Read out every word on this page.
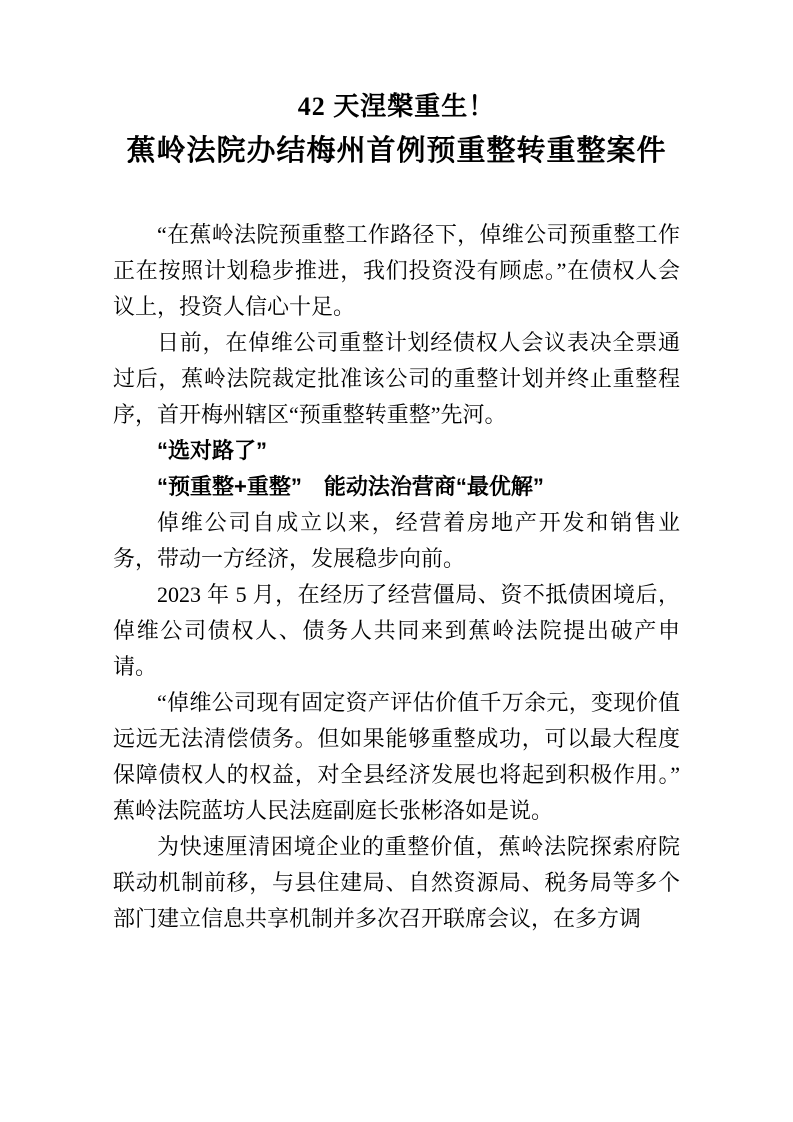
42 天涅槃重生！
蕉岭法院办结梅州首例预重整转重整案件

“在蕉岭法院预重整工作路径下，倬维公司预重整工作正在按照计划稳步推进，我们投资没有顾虑。”在债权人会议上，投资人信心十足。

日前，在倬维公司重整计划经债权人会议表决全票通过后，蕉岭法院裁定批准该公司的重整计划并终止重整程序，首开梅州辖区“预重整转重整”先河。

“选对路了”

“预重整+重整”　能动法治营商“最优解”

倬维公司自成立以来，经营着房地产开发和销售业务，带动一方经济，发展稳步向前。

2023 年 5 月，在经历了经营僵局、资不抵债困境后，倬维公司债权人、债务人共同来到蕉岭法院提出破产申请。

“倬维公司现有固定资产评估价值千万余元，变现价值远远无法清偿债务。但如果能够重整成功，可以最大程度保障债权人的权益，对全县经济发展也将起到积极作用。” 蕉岭法院蓝坊人民法庭副庭长张彬洛如是说。

为快速厘清困境企业的重整价值，蕉岭法院探索府院联动机制前移，与县住建局、自然资源局、税务局等多个部门建立信息共享机制并多次召开联席会议，在多方调
